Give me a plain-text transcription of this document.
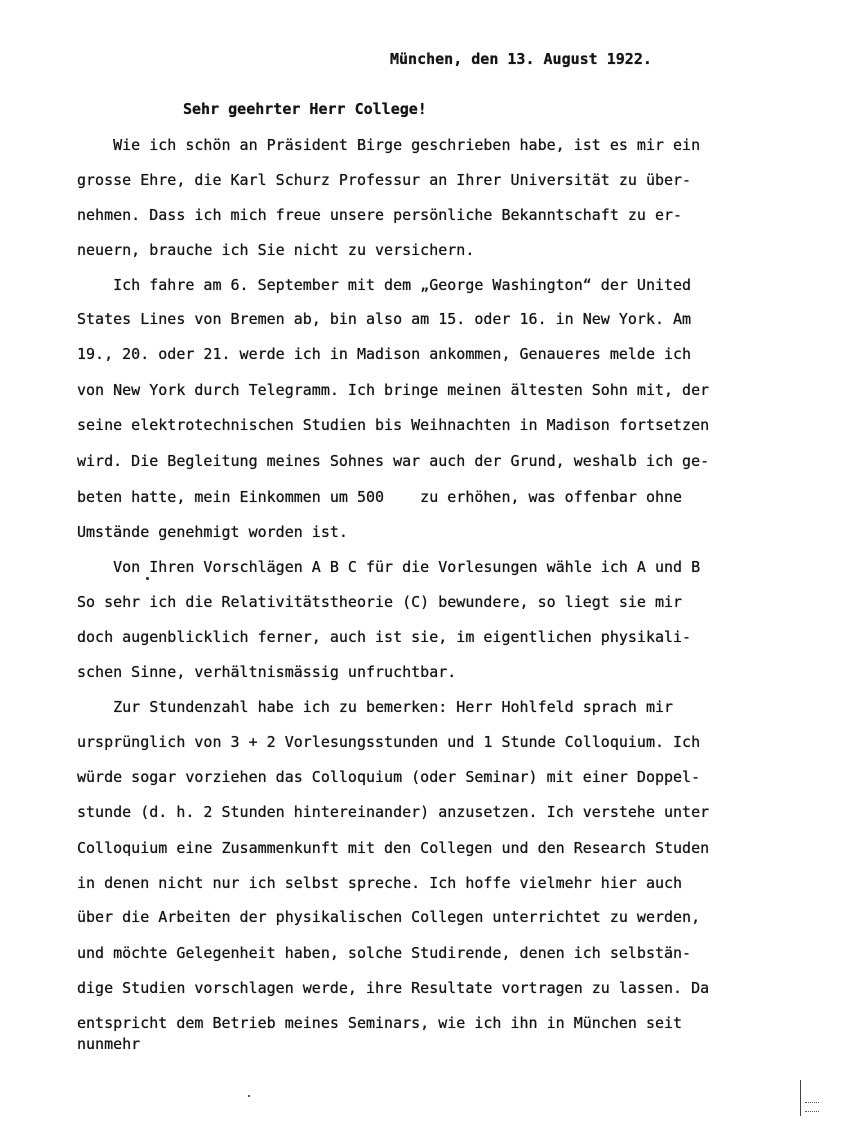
München, den 13. August 1922.
Sehr geehrter Herr College!
Wie ich schön an Präsident Birge geschrieben habe, ist es mir ein
grosse Ehre, die Karl Schurz Professur an Ihrer Universität zu über-
nehmen. Dass ich mich freue unsere persönliche Bekanntschaft zu er-
neuern, brauche ich Sie nicht zu versichern.
Ich fahre am 6. September mit dem „George Washington“ der United
States Lines von Bremen ab, bin also am 15. oder 16. in New York. Am
19., 20. oder 21. werde ich in Madison ankommen, Genaueres melde ich
von New York durch Telegramm. Ich bringe meinen ältesten Sohn mit, der
seine elektrotechnischen Studien bis Weihnachten in Madison fortsetzen
wird. Die Begleitung meines Sohnes war auch der Grund, weshalb ich ge-
beten hatte, mein Einkommen um 500    zu erhöhen, was offenbar ohne
Umstände genehmigt worden ist.
Von Ihren Vorschlägen A B C für die Vorlesungen wähle ich A und B
So sehr ich die Relativitätstheorie (C) bewundere, so liegt sie mir
doch augenblicklich ferner, auch ist sie, im eigentlichen physikali-
schen Sinne, verhältnismässig unfruchtbar.
Zur Stundenzahl habe ich zu bemerken: Herr Hohlfeld sprach mir
ursprünglich von 3 + 2 Vorlesungsstunden und 1 Stunde Colloquium. Ich
würde sogar vorziehen das Colloquium (oder Seminar) mit einer Doppel-
stunde (d. h. 2 Stunden hintereinander) anzusetzen. Ich verstehe unter
Colloquium eine Zusammenkunft mit den Collegen und den Research Studen
in denen nicht nur ich selbst spreche. Ich hoffe vielmehr hier auch
über die Arbeiten der physikalischen Collegen unterrichtet zu werden,
und möchte Gelegenheit haben, solche Studirende, denen ich selbstän-
dige Studien vorschlagen werde, ihre Resultate vortragen zu lassen. Da
entspricht dem Betrieb meines Seminars, wie ich ihn in München seit
nunmehr
